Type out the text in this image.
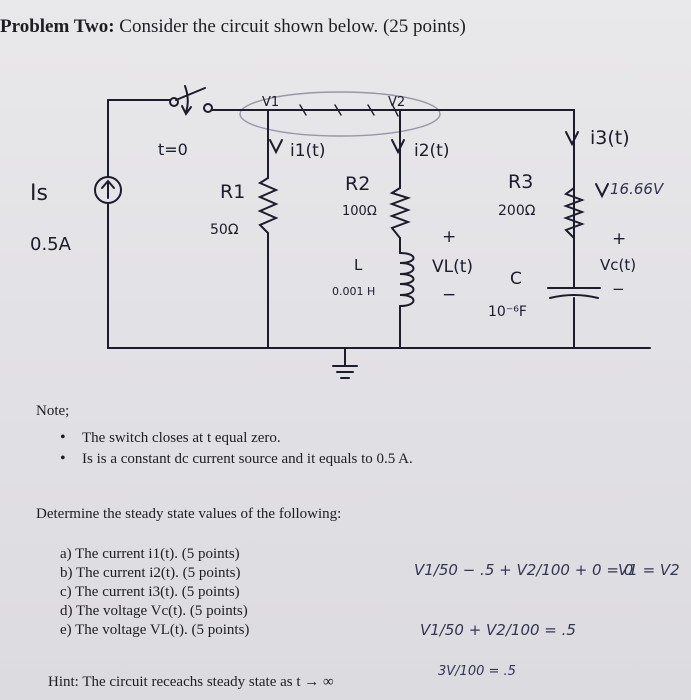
Problem Two: Consider the circuit shown below. (25 points)
t=0
Is
0.5A
R1
50Ω
i1(t)
R2
100Ω
i2(t)
L
0.001 H
+
VL(t)
−
R3
200Ω
i3(t)
16.66V
C
10⁻⁶F
+
Vc(t)
−
V1	V2
Note;
• The switch closes at t equal zero.
• Is is a constant dc current source and it equals to 0.5 A.
Determine the steady state values of the following:
a) The current i1(t). (5 points)
b) The current i2(t). (5 points)
c) The current i3(t). (5 points)
d) The voltage Vc(t). (5 points)
e) The voltage VL(t). (5 points)
Hint: The circuit receachs steady state as t → ∞
V1/50 − .5 + V2/100 + 0 = 0
V1 = V2
V1/50 + V2/100 = .5
3V/100 = .5
